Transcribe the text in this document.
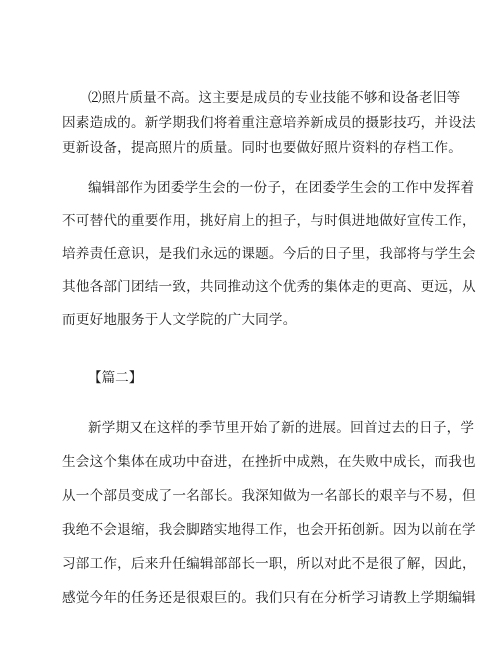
⑵照片质量不高。这主要是成员的专业技能不够和设备老旧等
因素造成的。新学期我们将着重注意培养新成员的摄影技巧，并设法
更新设备，提高照片的质量。同时也要做好照片资料的存档工作。
编辑部作为团委学生会的一份子，在团委学生会的工作中发挥着
不可替代的重要作用，挑好肩上的担子，与时俱进地做好宣传工作，
培养责任意识，是我们永远的课题。今后的日子里，我部将与学生会
其他各部门团结一致，共同推动这个优秀的集体走的更高、更远，从
而更好地服务于人文学院的广大同学。
【篇二】
新学期又在这样的季节里开始了新的进展。回首过去的日子，学
生会这个集体在成功中奋进，在挫折中成熟，在失败中成长，而我也
从一个部员变成了一名部长。我深知做为一名部长的艰辛与不易，但
我绝不会退缩，我会脚踏实地得工作，也会开拓创新。因为以前在学
习部工作，后来升任编辑部部长一职，所以对此不是很了解，因此，
感觉今年的任务还是很艰巨的。我们只有在分析学习请教上学期编辑
